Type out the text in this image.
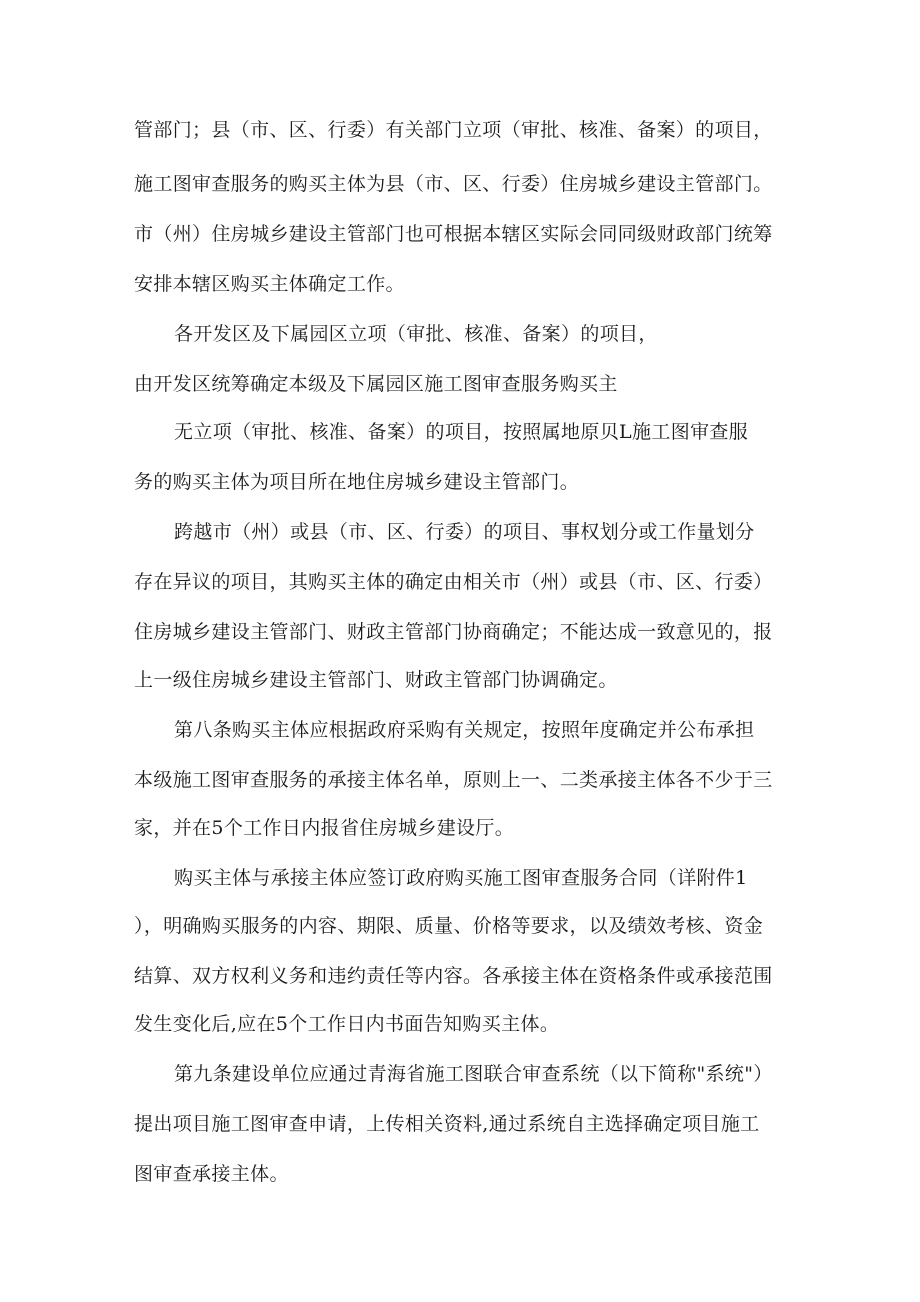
管部门；县（市、区、行委）有关部门立项（审批、核准、备案）的项目，
施工图审查服务的购买主体为县（市、区、行委）住房城乡建设主管部门。
市（州）住房城乡建设主管部门也可根据本辖区实际会同同级财政部门统筹
安排本辖区购买主体确定工作。
各开发区及下属园区立项（审批、核准、备案）的项目，
由开发区统筹确定本级及下属园区施工图审查服务购买主
无立项（审批、核准、备案）的项目，按照属地原贝L施工图审查服
务的购买主体为项目所在地住房城乡建设主管部门。
跨越市（州）或县（市、区、行委）的项目、事权划分或工作量划分
存在异议的项目，其购买主体的确定由相关市（州）或县（市、区、行委）
住房城乡建设主管部门、财政主管部门协商确定；不能达成一致意见的，报
上一级住房城乡建设主管部门、财政主管部门协调确定。
第八条购买主体应根据政府采购有关规定，按照年度确定并公布承担
本级施工图审查服务的承接主体名单，原则上一、二类承接主体各不少于三
家，并在5个工作日内报省住房城乡建设厅。
购买主体与承接主体应签订政府购买施工图审查服务合同（详附件1
），明确购买服务的内容、期限、质量、价格等要求，以及绩效考核、资金
结算、双方权利义务和违约责任等内容。各承接主体在资格条件或承接范围
发生变化后,应在5个工作日内书面告知购买主体。
第九条建设单位应通过青海省施工图联合审查系统（以下简称"系统"）
提出项目施工图审查申请，上传相关资料,通过系统自主选择确定项目施工
图审查承接主体。
